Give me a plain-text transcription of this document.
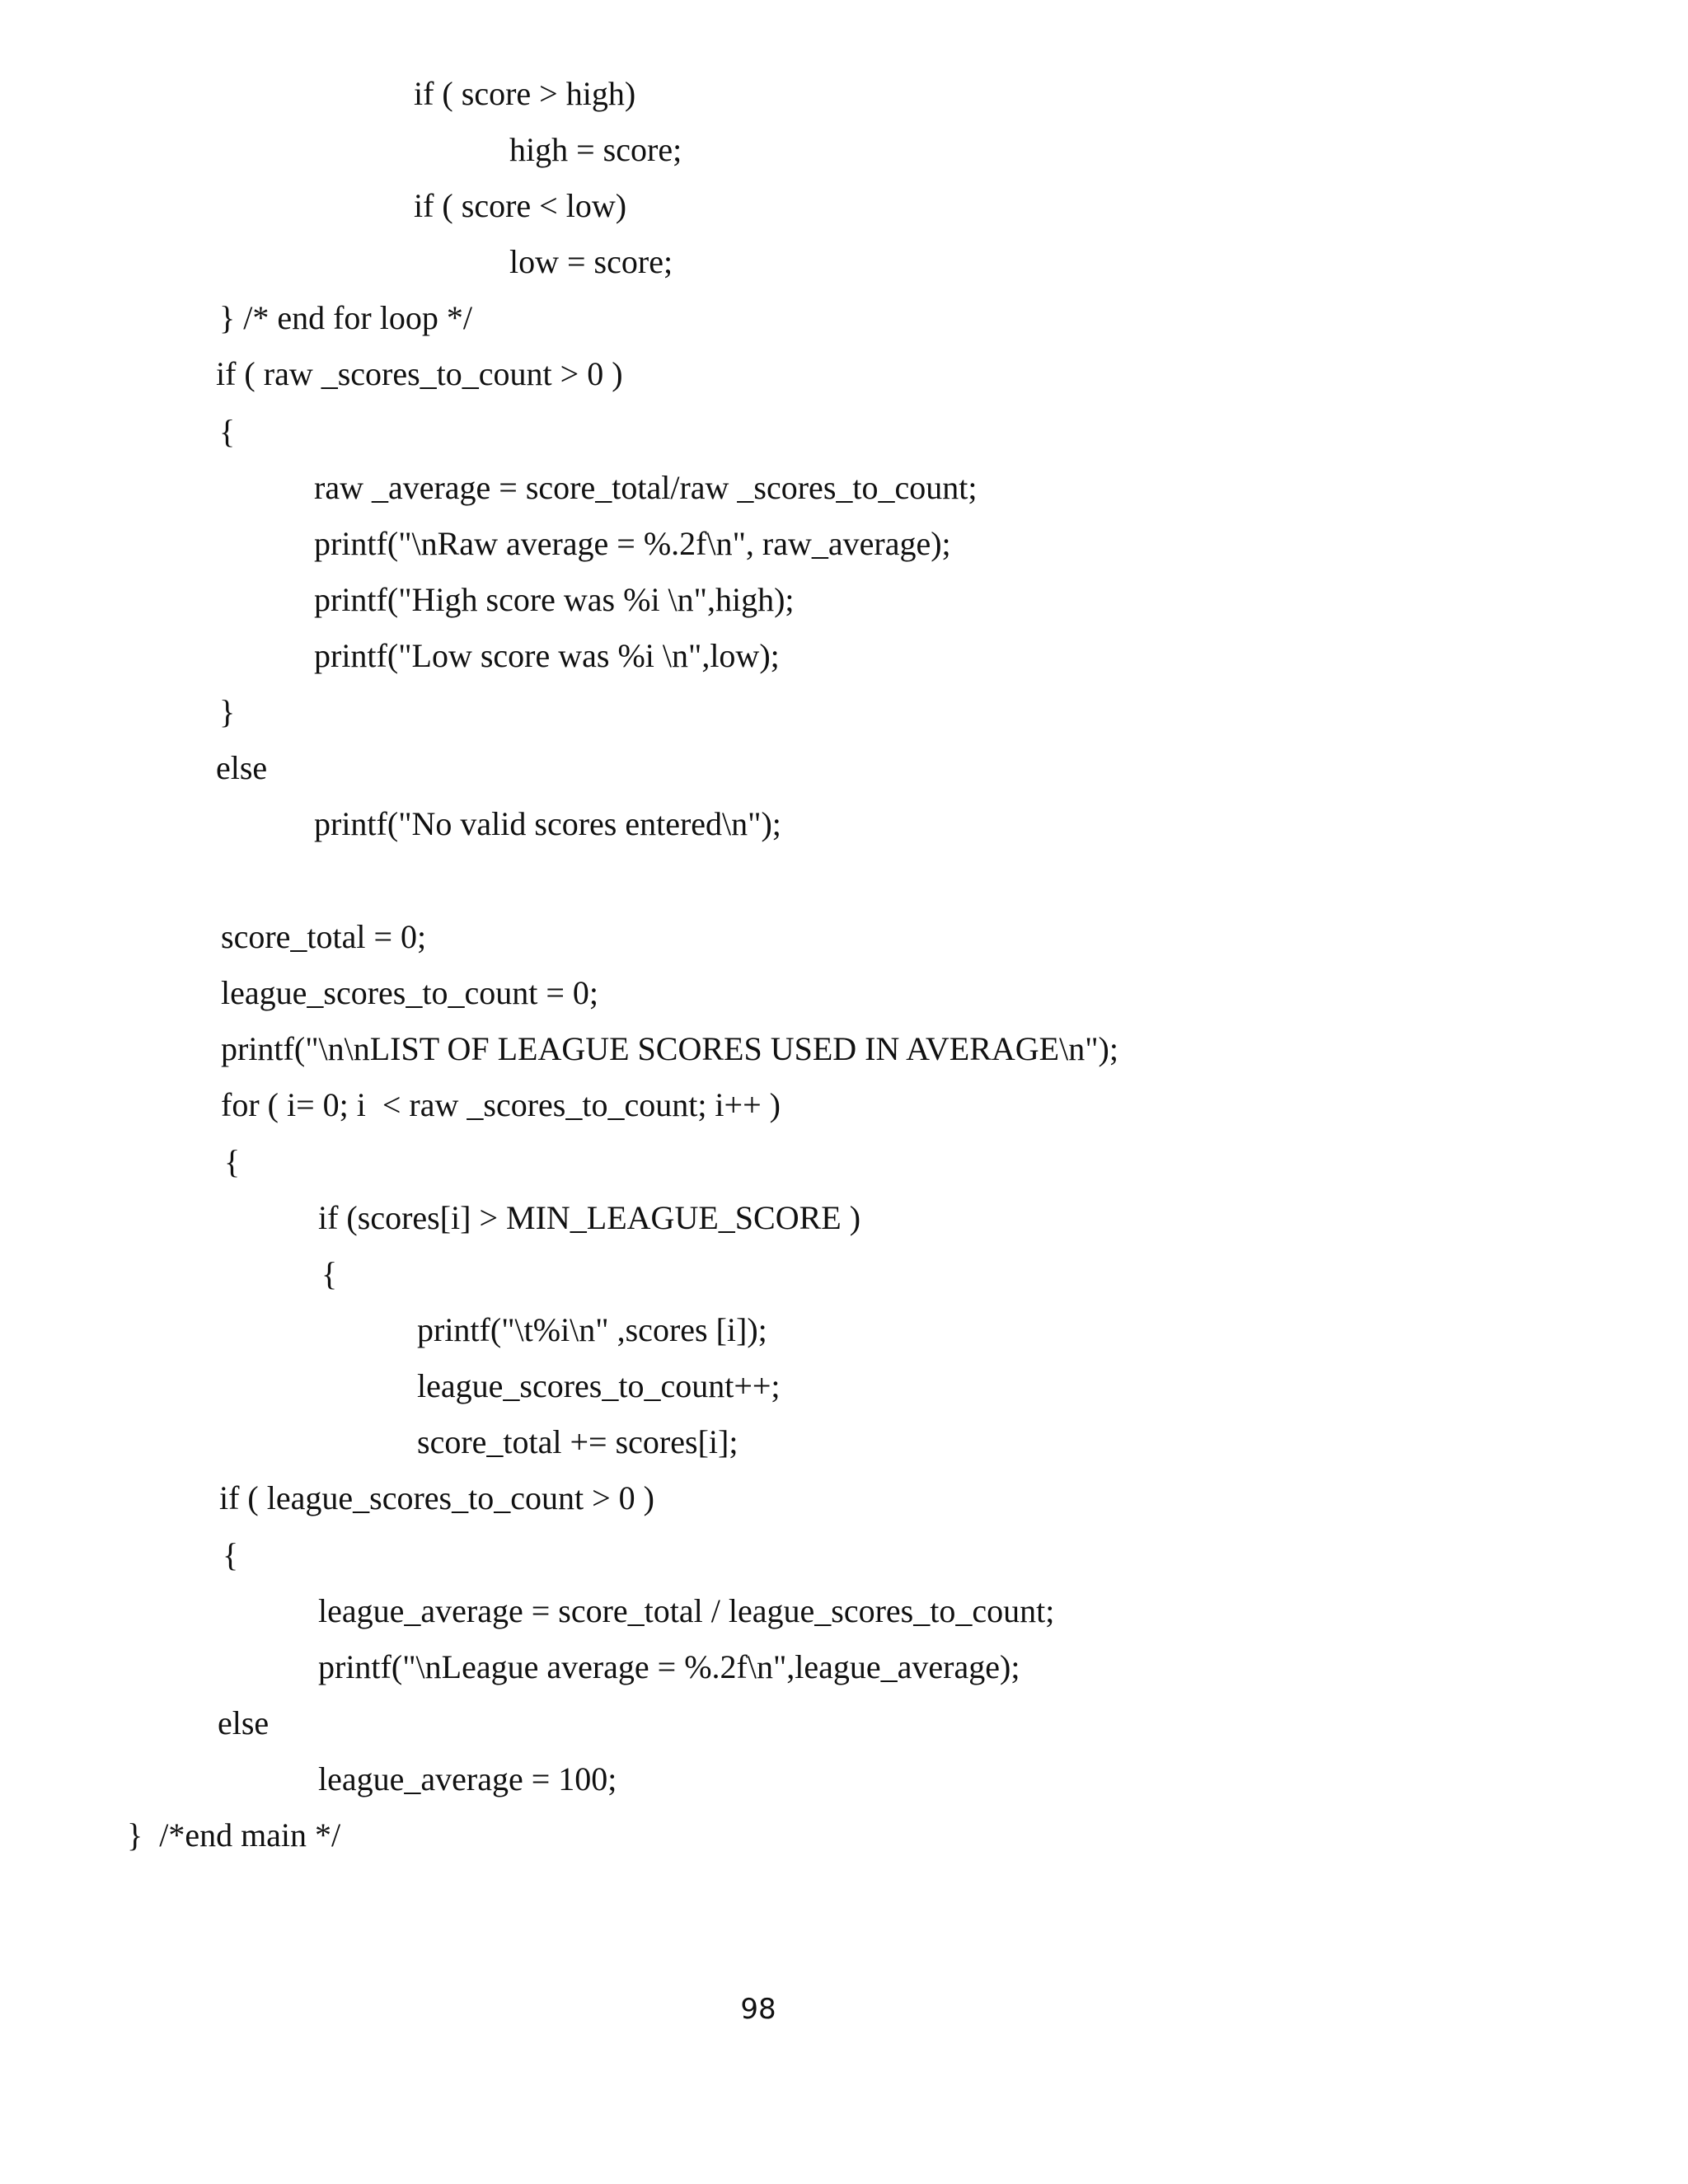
if ( score > high)
high = score;
if ( score < low)
low = score;
} /* end for loop */
if ( raw _scores_to_count > 0 )
{
raw _average = score_total/raw _scores_to_count;
printf("\nRaw average = %.2f\n", raw_average);
printf("High score was %i \n",high);
printf("Low score was %i \n",low);
}
else
printf("No valid scores entered\n");
score_total = 0;
league_scores_to_count = 0;
printf("\n\nLIST OF LEAGUE SCORES USED IN AVERAGE\n");
for ( i= 0; i  < raw _scores_to_count; i++ )
{
if (scores[i] > MIN_LEAGUE_SCORE )
{
printf("\t%i\n" ,scores [i]);
league_scores_to_count++;
score_total += scores[i];
if ( league_scores_to_count > 0 )
{
league_average = score_total / league_scores_to_count;
printf("\nLeague average = %.2f\n",league_average);
else
league_average = 100;
}  /*end main */
98
